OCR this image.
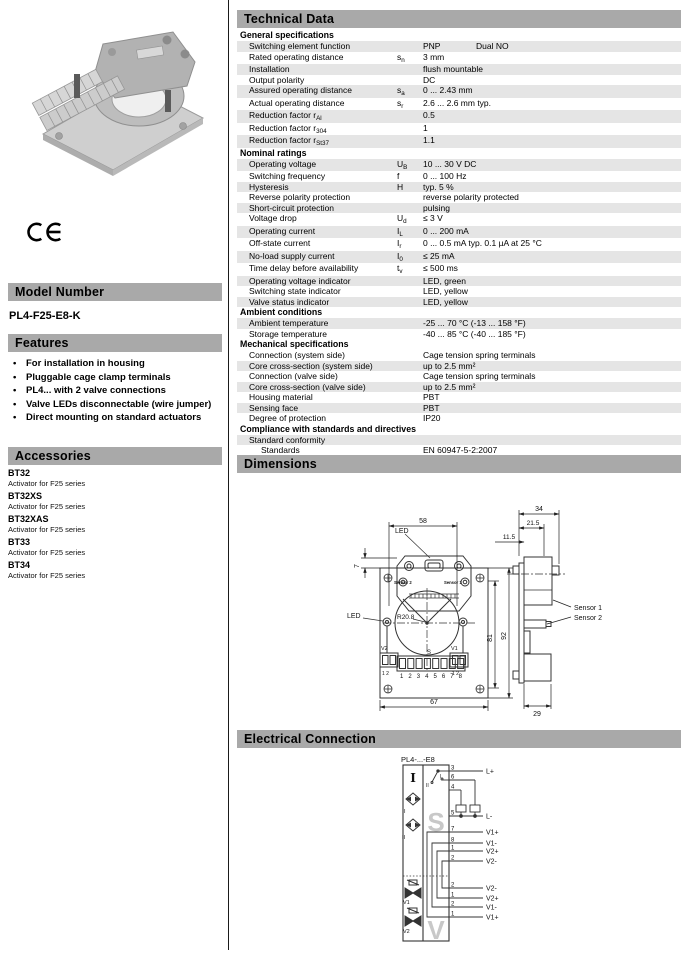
Model Number
PL4-F25-E8-K
Features
• For installation in housing
• Pluggable cage clamp terminals
• PL4... with 2 valve connections
• Valve LEDs disconnectable (wire jumper)
• Direct mounting on standard actuators
Accessories
BT32
Activator for F25 series
BT32XS
Activator for F25 series
BT32XAS
Activator for F25 series
BT33
Activator for F25 series
BT34
Activator for F25 series
Technical Data
General specifications
Switching element function	PNP	Dual NO
Rated operating distance	$s_n$	3 mm
Installation	flush mountable
Output polarity	DC
Assured operating distance	$s_a$	0 ... 2.43 mm
Actual operating distance	$s_r$	2.6 ... 2.6 mm typ.
Reduction factor $r_{Al}$	0.5
Reduction factor $r_{304}$	1
Reduction factor $r_{St37}$	1.1
Nominal ratings
Operating voltage	$U_B$	10 ... 30 V DC
Switching frequency	f	0 ... 100 Hz
Hysteresis	H	typ. 5 %
Reverse polarity protection	reverse polarity protected
Short-circuit protection	pulsing
Voltage drop	$U_d$	≤ 3 V
Operating current	$I_L$	0 ... 200 mA
Off-state current	$I_r$	0 ... 0.5 mA typ. 0.1 µA at 25 °C
No-load supply current	$I_0$	≤ 25 mA
Time delay before availability	$t_v$	≤ 500 ms
Operating voltage indicator	LED, green
Switching state indicator	LED, yellow
Valve status indicator	LED, yellow
Ambient conditions
Ambient temperature	-25 ... 70 °C (-13 ... 158 °F)
Storage temperature	-40 ... 85 °C (-40 ... 185 °F)
Mechanical specifications
Connection (system side)	Cage tension spring terminals
Core cross-section (system side)	up to 2.5 mm²
Connection (valve side)	Cage tension spring terminals
Core cross-section (valve side)	up to 2.5 mm²
Housing material	PBT
Sensing face	PBT
Degree of protection	IP20
Compliance with standards and directives
Standard conformity
Standards	EN 60947-5-2:2007
Dimensions
58
7
67
81 92
34
21.5
11.5
29
LED
LED	R20.8
Sensor 2	Sensor 1
V2	V1
1 2	1 2
S
12345678
Sensor 1
Sensor 2
Electrical Connection
PL4-...-E8
S
V
I
I
II
V1
V2
II
I
3
6
4
5
7
8
1
2
2
1
2
1
L+
L-
V1+
V1-
V2+
V2-
V2-
V2+
V1-
V1+
